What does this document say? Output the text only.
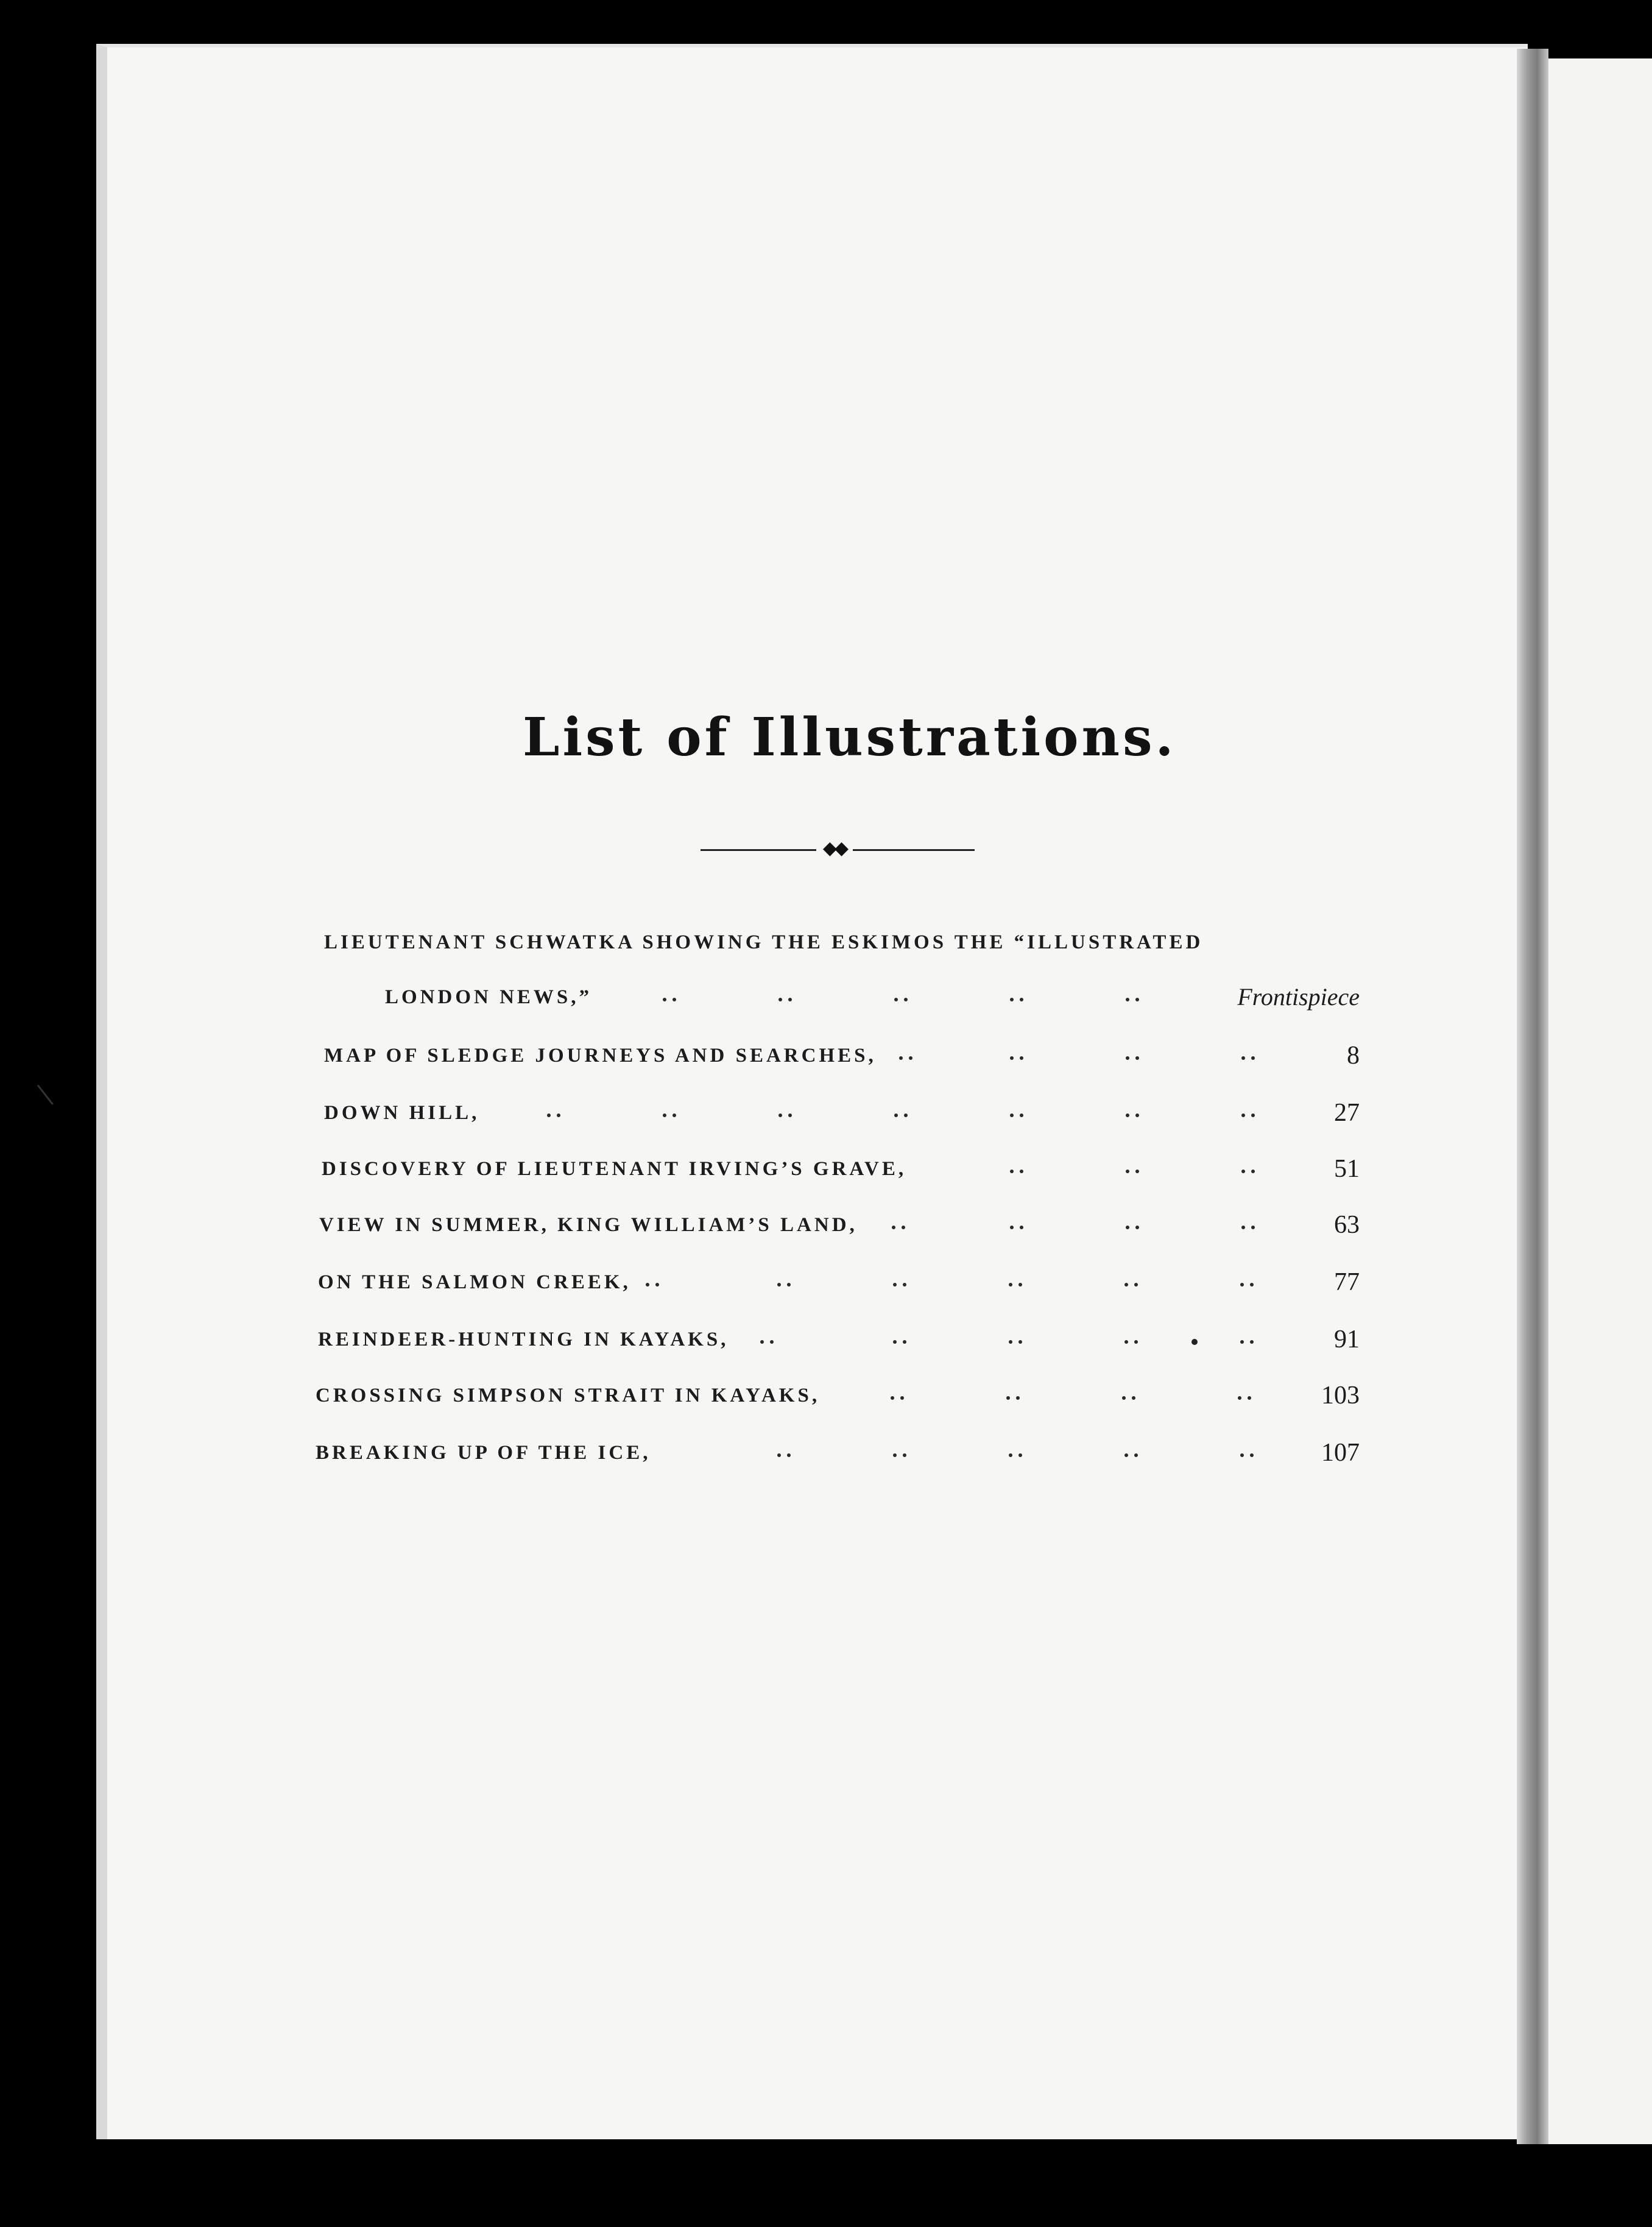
List of Illustrations.
◆◆
LIEUTENANT SCHWATKA SHOWING THE ESKIMOS THE “ILLUSTRATED
LONDON NEWS,”	Frontispiece
MAP OF SLEDGE JOURNEYS AND SEARCHES,	8
DOWN HILL,	27
DISCOVERY OF LIEUTENANT IRVING’S GRAVE,	51
VIEW IN SUMMER, KING WILLIAM’S LAND,	63
ON THE SALMON CREEK,	77
REINDEER-HUNTING IN KAYAKS,	91
CROSSING SIMPSON STRAIT IN KAYAKS,	103
BREAKING UP OF THE ICE,	107
